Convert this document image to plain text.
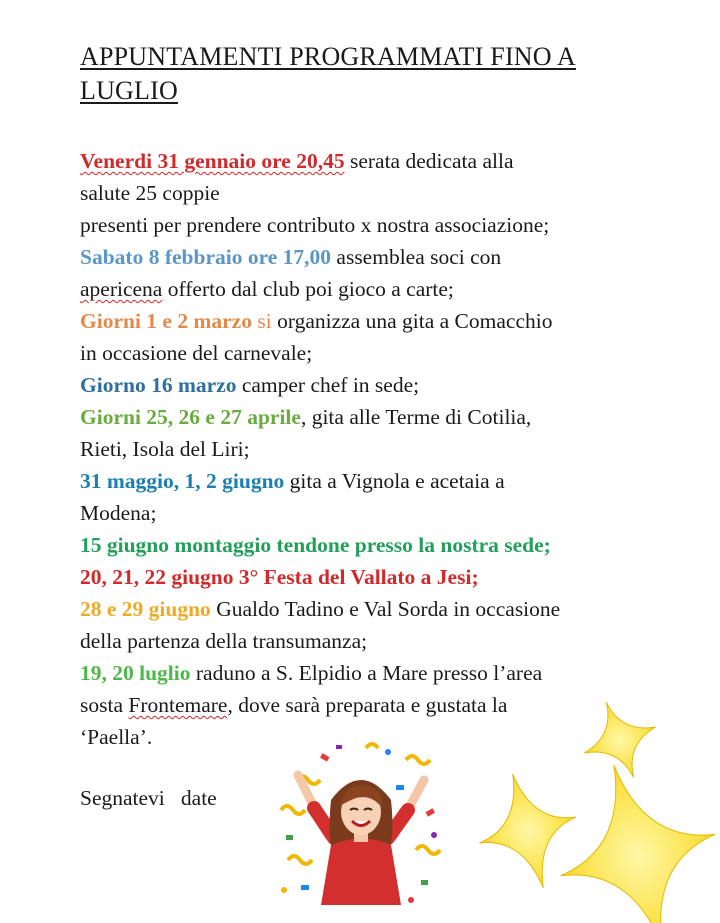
APPUNTAMENTI PROGRAMMATI FINO A
LUGLIO
Venerdi 31 gennaio ore 20,45 serata dedicata alla
salute 25 coppie
presenti per prendere contributo x nostra associazione;
Sabato 8 febbraio ore 17,00 assemblea soci con
apericena offerto dal club poi gioco a carte;
Giorni 1 e 2 marzo si organizza una gita a Comacchio
in occasione del carnevale;
Giorno 16 marzo camper chef in sede;
Giorni 25, 26 e 27 aprile, gita alle Terme di Cotilia,
Rieti, Isola del Liri;
31 maggio, 1, 2 giugno gita a Vignola e acetaia a
Modena;
15 giugno montaggio tendone presso la nostra sede;
20, 21, 22 giugno 3° Festa del Vallato a Jesi;
28 e 29 giugno Gualdo Tadino e Val Sorda in occasione
della partenza della transumanza;
19, 20 luglio raduno a S. Elpidio a Mare presso l’area
sosta Frontemare, dove sarà preparata e gustata la
‘Paella’.
Segnatevi   date
